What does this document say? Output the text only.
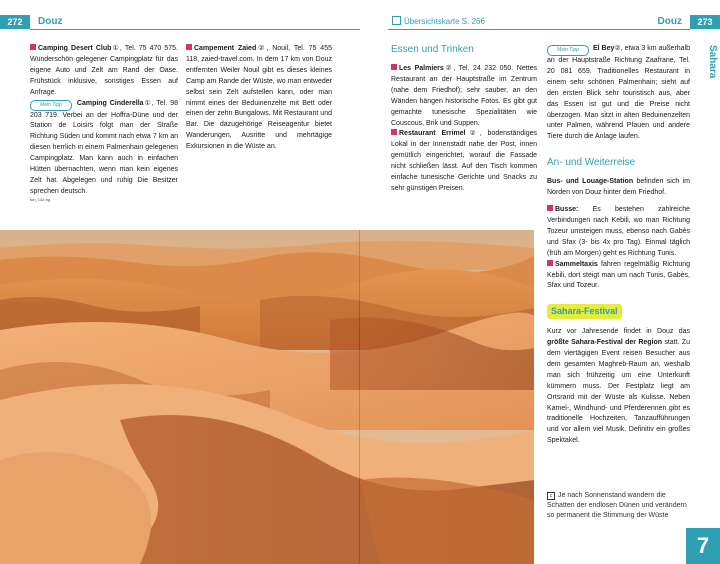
272	Douz	Übersichtskarte S. 266	Douz	273
Sahara
7

Camping Desert Club①, Tel. 75 470 575. Wunderschön gelegener Campingplatz für das eigene Auto und Zelt am Rand der Oase. Frühstück inklusive, sonstiges Essen auf Anfrage.

Mein Tipp Camping Cinderella①, Tel. 98 203 719. Verbei an der Hoffra-Düne und der Station de Loisirs folgt man der Straße Richtung Süden und kommt nach etwa 7 km an diesen herrlich in einem Palmenhain gelegenen Campingplatz. Man kann auch in einfachen Hütten übernachten, wenn man kein eigenes Zelt hat. Abgelegen und ruhig Die Besitzer sprechen deutsch.

Campement Zaied②, Nouil, Tel. 75 455 118, zaied-travel.com. In dem 17 km von Douz entfernten Weiler Nouil gibt es dieses kleines Camp am Rande der Wüste, wo man entweder selbst sein Zelt aufstellen kann, oder man nimmt eines der Beduinenzelte mit Bett oder einen der zehn Bungalows. Mit Restaurant und Bar. Die dazugehörige Reiseagentur bietet Wanderungen, Ausritte und mehrtägige Exkursionen in die Wüste an.

tun_142 eg
Essen und Trinken

Les Palmiers②, Tel. 24 232 050. Nettes Restaurant an der Hauptstraße im Zentrum (nahe dem Friedhof); sehr sauber, an den Wänden hängen historische Fotos. Es gibt gut gemachte tunesische Spezialitäten wie Couscous, Brik und Suppen.

Restaurant Errimel②, bodenständiges Lokal in der Innenstadt nahe der Post, innen gemütlich eingerichtet, worauf die Fassade nicht schließen lässt. Auf den Tisch kommen einfache tunesische Gerichte und Snacks zu sehr günstigen Preisen.

Mein Tipp El Bey②, etwa 3 km außerhalb an der Hauptstraße Richtung Zaafrane, Tel. 20 081 659. Traditionelles Restaurant in einem sehr schönen Palmenhain; sieht auf den ersten Blick sehr touristisch aus, aber das Essen ist gut und die Preise nicht überzogen. Man sitzt in alten Beduinenzelten unter Palmen, während Pfauen und andere Tiere durch die Anlage laufen.

An- und Weiterreise

Bus- und Louage-Station befinden sich im Norden von Douz hinter dem Friedhof.

Busse: Es bestehen zahlreiche Verbindungen nach Kebili, wo man Richtung Tozeur umsteigen muss, ebenso nach Gabès und Sfax (3- bis 4x pro Tag). Einmal täglich (früh am Morgen) geht es Richtung Tunis.

Sammeltaxis fahren regelmäßig Richtung Kebili, dort steigt man um nach Tunis, Gabès, Sfax und Tozeur.

Sahara-Festival

Kurz vor Jahresende findet in Douz das größte Sahara-Festival der Region statt. Zu dem viertägigen Event reisen Besucher aus dem gesamten Maghreb-Raum an, weshalb man sich frühzeitig um eine Unterkunft kümmern muss. Der Festplatz liegt am Ortsrand mit der Wüste als Kulisse. Neben Kamel-, Windhund- und Pferderennen gibt es traditionelle Hochzeiten, Tanzaufführungen und vor allem viel Musik. Definitiv ein großes Spektakel.

c Je nach Sonnenstand wandern die Schatten der endlosen Dünen und verändern so permanent die Stimmung der Wüste
